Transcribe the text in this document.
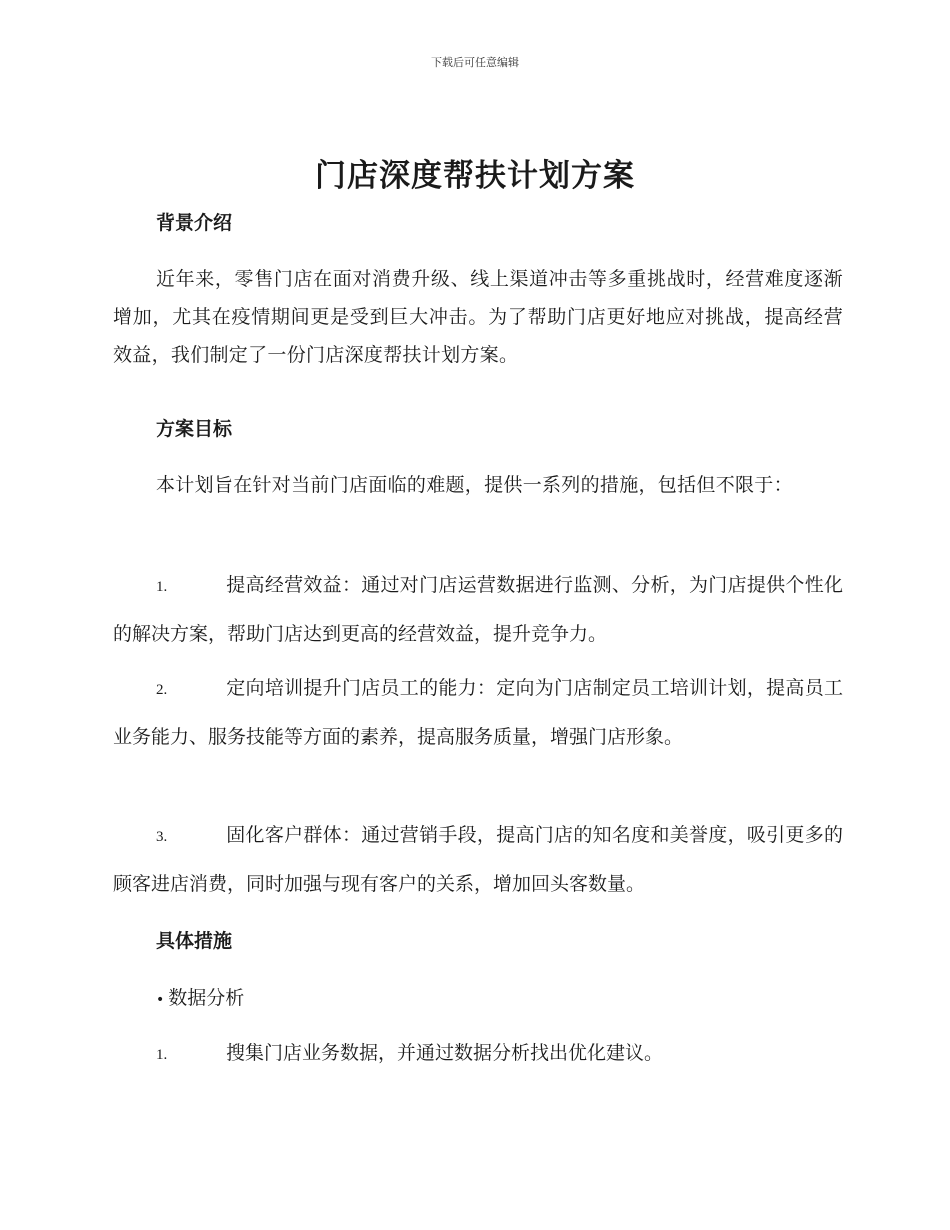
下载后可任意编辑
门店深度帮扶计划方案
背景介绍

近年来，零售门店在面对消费升级、线上渠道冲击等多重挑战时，经营难度逐渐增加，尤其在疫情期间更是受到巨大冲击。为了帮助门店更好地应对挑战，提高经营效益，我们制定了一份门店深度帮扶计划方案。

方案目标

本计划旨在针对当前门店面临的难题，提供一系列的措施，包括但不限于：

1.	提高经营效益：通过对门店运营数据进行监测、分析，为门店提供个性化的解决方案，帮助门店达到更高的经营效益，提升竞争力。

2.	定向培训提升门店员工的能力：定向为门店制定员工培训计划，提高员工业务能力、服务技能等方面的素养，提高服务质量，增强门店形象。

3.	固化客户群体：通过营销手段，提高门店的知名度和美誉度，吸引更多的顾客进店消费，同时加强与现有客户的关系，增加回头客数量。

具体措施

• 数据分析

1.	搜集门店业务数据，并通过数据分析找出优化建议。
